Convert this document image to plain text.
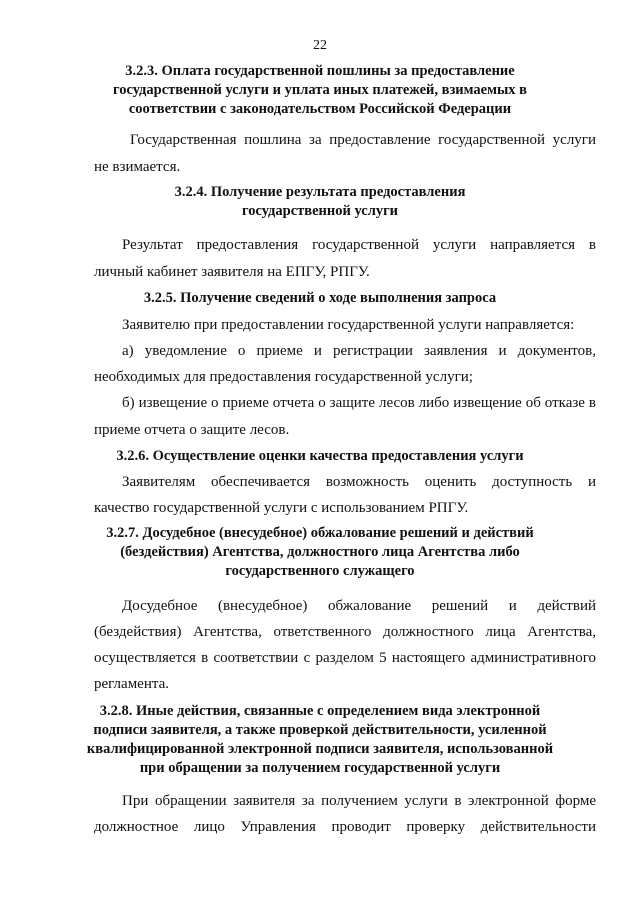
22
3.2.3. Оплата государственной пошлины за предоставление
государственной услуги и уплата иных платежей, взимаемых в
соответствии с законодательством Российской Федерации
Государственная пошлина за предоставление государственной услуги
не взимается.
3.2.4. Получение результата предоставления
государственной услуги
Результат предоставления государственной услуги направляется в
личный кабинет заявителя на ЕПГУ, РПГУ.
3.2.5. Получение сведений о ходе выполнения запроса
Заявителю при предоставлении государственной услуги направляется:
а) уведомление о приеме и регистрации заявления и документов,
необходимых для предоставления государственной услуги;
б) извещение о приеме отчета о защите лесов либо извещение об отказе в
приеме отчета о защите лесов.
3.2.6. Осуществление оценки качества предоставления услуги
Заявителям обеспечивается возможность оценить доступность и
качество государственной услуги с использованием РПГУ.
3.2.7. Досудебное (внесудебное) обжалование решений и действий
(бездействия) Агентства, должностного лица Агентства либо
государственного служащего
Досудебное (внесудебное) обжалование решений и действий
(бездействия) Агентства, ответственного должностного лица Агентства,
осуществляется в соответствии с разделом 5 настоящего административного
регламента.
3.2.8. Иные действия, связанные с определением вида электронной
подписи заявителя, а также проверкой действительности, усиленной
квалифицированной электронной подписи заявителя, использованной
при обращении за получением государственной услуги
При обращении заявителя за получением услуги в электронной форме
должностное лицо Управления проводит проверку действительности
